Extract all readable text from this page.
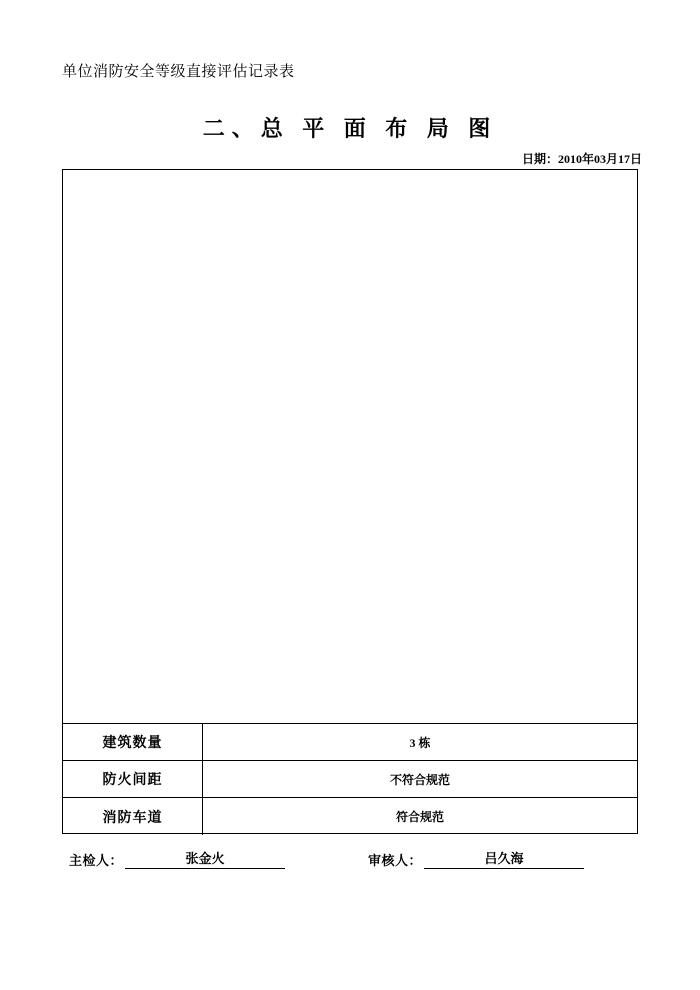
单位消防安全等级直接评估记录表
二、总 平 面 布 局 图
日期：2010年03月17日
建筑数量	3 栋
防火间距	不符合规范
消防车道	符合规范
主检人：	张金火	审核人：	吕久海
